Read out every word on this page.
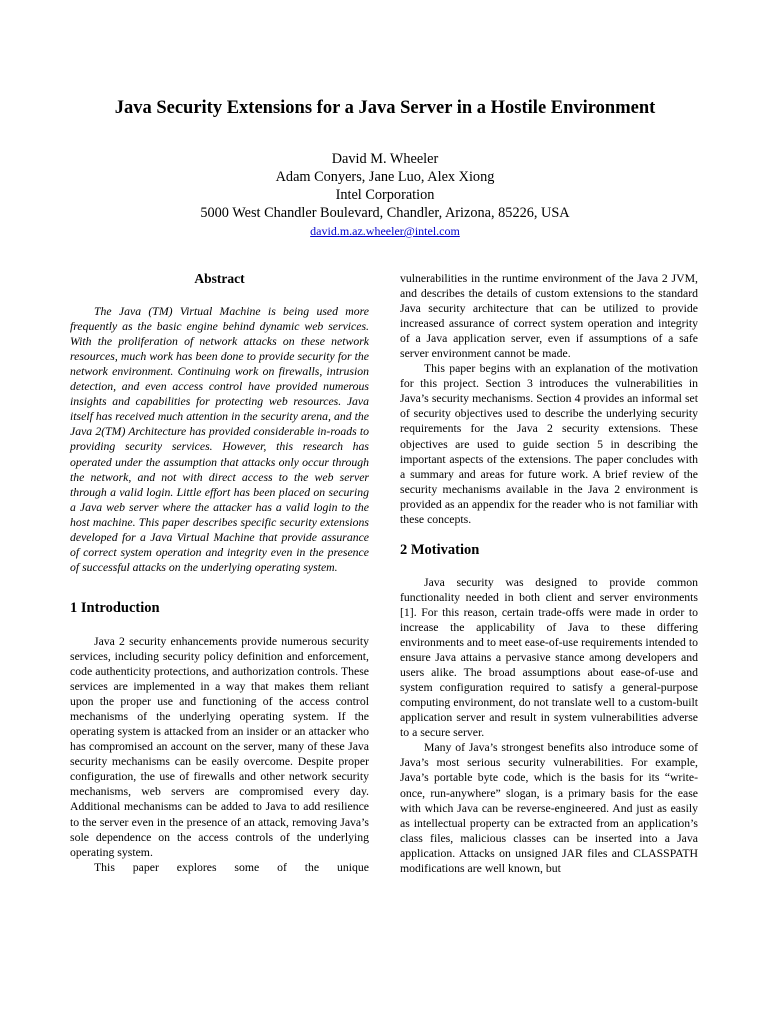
Java Security Extensions for a Java Server in a Hostile Environment
David M. Wheeler
Adam Conyers, Jane Luo, Alex Xiong
Intel Corporation
5000 West Chandler Boulevard, Chandler, Arizona, 85226, USA
david.m.az.wheeler@intel.com
Abstract

The Java (TM) Virtual Machine is being used more frequently as the basic engine behind dynamic web services. With the proliferation of network attacks on these network resources, much work has been done to provide security for the network environment. Continuing work on firewalls, intrusion detection, and even access control have provided numerous insights and capabilities for protecting web resources. Java itself has received much attention in the security arena, and the Java 2(TM) Architecture has provided considerable in-roads to providing security services. However, this research has operated under the assumption that attacks only occur through the network, and not with direct access to the web server through a valid login. Little effort has been placed on securing a Java web server where the attacker has a valid login to the host machine. This paper describes specific security extensions developed for a Java Virtual Machine that provide assurance of correct system operation and integrity even in the presence of successful attacks on the underlying operating system.

1 Introduction

Java 2 security enhancements provide numerous security services, including security policy definition and enforcement, code authenticity protections, and authorization controls. These services are implemented in a way that makes them reliant upon the proper use and functioning of the access control mechanisms of the underlying operating system. If the operating system is attacked from an insider or an attacker who has compromised an account on the server, many of these Java security mechanisms can be easily overcome. Despite proper configuration, the use of firewalls and other network security mechanisms, web servers are compromised every day. Additional mechanisms can be added to Java to add resilience to the server even in the presence of an attack, removing Java’s sole dependence on the access controls of the underlying operating system.

This paper explores some of the unique

vulnerabilities in the runtime environment of the Java 2 JVM, and describes the details of custom extensions to the standard Java security architecture that can be utilized to provide increased assurance of correct system operation and integrity of a Java application server, even if assumptions of a safe server environment cannot be made.

This paper begins with an explanation of the motivation for this project. Section 3 introduces the vulnerabilities in Java’s security mechanisms. Section 4 provides an informal set of security objectives used to describe the underlying security requirements for the Java 2 security extensions. These objectives are used to guide section 5 in describing the important aspects of the extensions. The paper concludes with a summary and areas for future work. A brief review of the security mechanisms available in the Java 2 environment is provided as an appendix for the reader who is not familiar with these concepts.

2 Motivation

Java security was designed to provide common functionality needed in both client and server environments [1]. For this reason, certain trade-offs were made in order to increase the applicability of Java to these differing environments and to meet ease-of-use requirements intended to ensure Java attains a pervasive stance among developers and users alike. The broad assumptions about ease-of-use and system configuration required to satisfy a general-purpose computing environment, do not translate well to a custom-built application server and result in system vulnerabilities adverse to a secure server.

Many of Java’s strongest benefits also introduce some of Java’s most serious security vulnerabilities. For example, Java’s portable byte code, which is the basis for its “write-once, run-anywhere” slogan, is a primary basis for the ease with which Java can be reverse-engineered. And just as easily as intellectual property can be extracted from an application’s class files, malicious classes can be inserted into a Java application. Attacks on unsigned JAR files and CLASSPATH modifications are well known, but
